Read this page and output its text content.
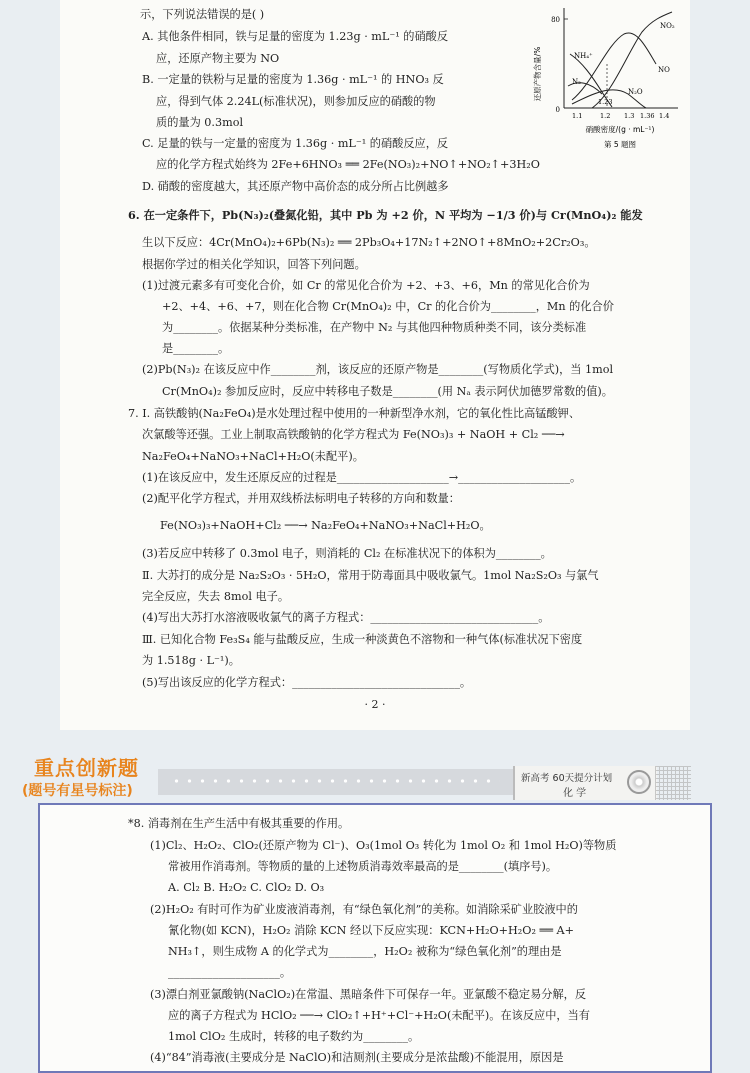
示，下列说法错误的是( )
A. 其他条件相同，铁与足量的密度为 1.23g · mL⁻¹ 的硝酸反
应，还原产物主要为 NO
B. 一定量的铁粉与足量的密度为 1.36g · mL⁻¹ 的 HNO₃ 反
应，得到气体 2.24L(标准状况)，则参加反应的硝酸的物
质的量为 0.3mol
C. 足量的铁与一定量的密度为 1.36g · mL⁻¹ 的硝酸反应，反
应的化学方程式始终为 2Fe+6HNO₃ ══ 2Fe(NO₃)₂+NO↑+NO₂↑+3H₂O
D. 硝酸的密度越大，其还原产物中高价态的成分所占比例越多
6. 在一定条件下，Pb(N₃)₂(叠氮化铅，其中 Pb 为 +2 价，N 平均为 −1/3 价)与 Cr(MnO₄)₂ 能发
生以下反应：4Cr(MnO₄)₂+6Pb(N₃)₂ ══ 2Pb₃O₄+17N₂↑+2NO↑+8MnO₂+2Cr₂O₃。
根据你学过的相关化学知识，回答下列问题。
(1)过渡元素多有可变化合价，如 Cr 的常见化合价为 +2、+3、+6，Mn 的常见化合价为
+2、+4、+6、+7，则在化合物 Cr(MnO₄)₂ 中，Cr 的化合价为________，Mn 的化合价
为________。依据某种分类标准，在产物中 N₂ 与其他四种物质种类不同，该分类标准
是________。
(2)Pb(N₃)₂ 在该反应中作________剂，该反应的还原产物是________(写物质化学式)，当 1mol
Cr(MnO₄)₂ 参加反应时，反应中转移电子数是________(用 Nₐ 表示阿伏加德罗常数的值)。
7. Ⅰ. 高铁酸钠(Na₂FeO₄)是水处理过程中使用的一种新型净水剂，它的氧化性比高锰酸钾、
次氯酸等还强。工业上制取高铁酸钠的化学方程式为 Fe(NO₃)₃ + NaOH + Cl₂ ──→
Na₂FeO₄+NaNO₃+NaCl+H₂O(未配平)。
(1)在该反应中，发生还原反应的过程是____________________→____________________。
(2)配平化学方程式，并用双线桥法标明电子转移的方向和数量：
Fe(NO₃)₃+NaOH+Cl₂ ──→ Na₂FeO₄+NaNO₃+NaCl+H₂O。
(3)若反应中转移了 0.3mol 电子，则消耗的 Cl₂ 在标准状况下的体积为________。
Ⅱ. 大苏打的成分是 Na₂S₂O₃ · 5H₂O，常用于防毒面具中吸收氯气。1mol Na₂S₂O₃ 与氯气
完全反应，失去 8mol 电子。
(4)写出大苏打水溶液吸收氯气的离子方程式：______________________________。
Ⅲ. 已知化合物 Fe₃S₄ 能与盐酸反应，生成一种淡黄色不溶物和一种气体(标准状况下密度
为 1.518g · L⁻¹)。
(5)写出该反应的化学方程式：______________________________。
· 2 ·
还原产物含量/%
80
0
NO₂
NO
NH₄⁺
N₂
N₂O
1.23
1.1	1.2 1.3 1.36 1.4
硝酸密度/(g · mL⁻¹)
第 5 题图
重点创新题
(题号有星号标注)
新高考 60天提分计划
化 学
*8. 消毒剂在生产生活中有极其重要的作用。
(1)Cl₂、H₂O₂、ClO₂(还原产物为 Cl⁻)、O₃(1mol O₃ 转化为 1mol O₂ 和 1mol H₂O)等物质
常被用作消毒剂。等物质的量的上述物质消毒效率最高的是________(填序号)。
A. Cl₂ B. H₂O₂ C. ClO₂ D. O₃
(2)H₂O₂ 有时可作为矿业废液消毒剂，有“绿色氧化剂”的美称。如消除采矿业胶液中的
氰化物(如 KCN)，H₂O₂ 消除 KCN 经以下反应实现：KCN+H₂O+H₂O₂ ══ A+
NH₃↑，则生成物 A 的化学式为________，H₂O₂ 被称为“绿色氧化剂”的理由是
____________________。
(3)漂白剂亚氯酸钠(NaClO₂)在常温、黑暗条件下可保存一年。亚氯酸不稳定易分解，反
应的离子方程式为 HClO₂ ──→ ClO₂↑+H⁺+Cl⁻+H₂O(未配平)。在该反应中，当有
1mol ClO₂ 生成时，转移的电子数约为________。
(4)“84”消毒液(主要成分是 NaClO)和洁厕剂(主要成分是浓盐酸)不能混用，原因是
